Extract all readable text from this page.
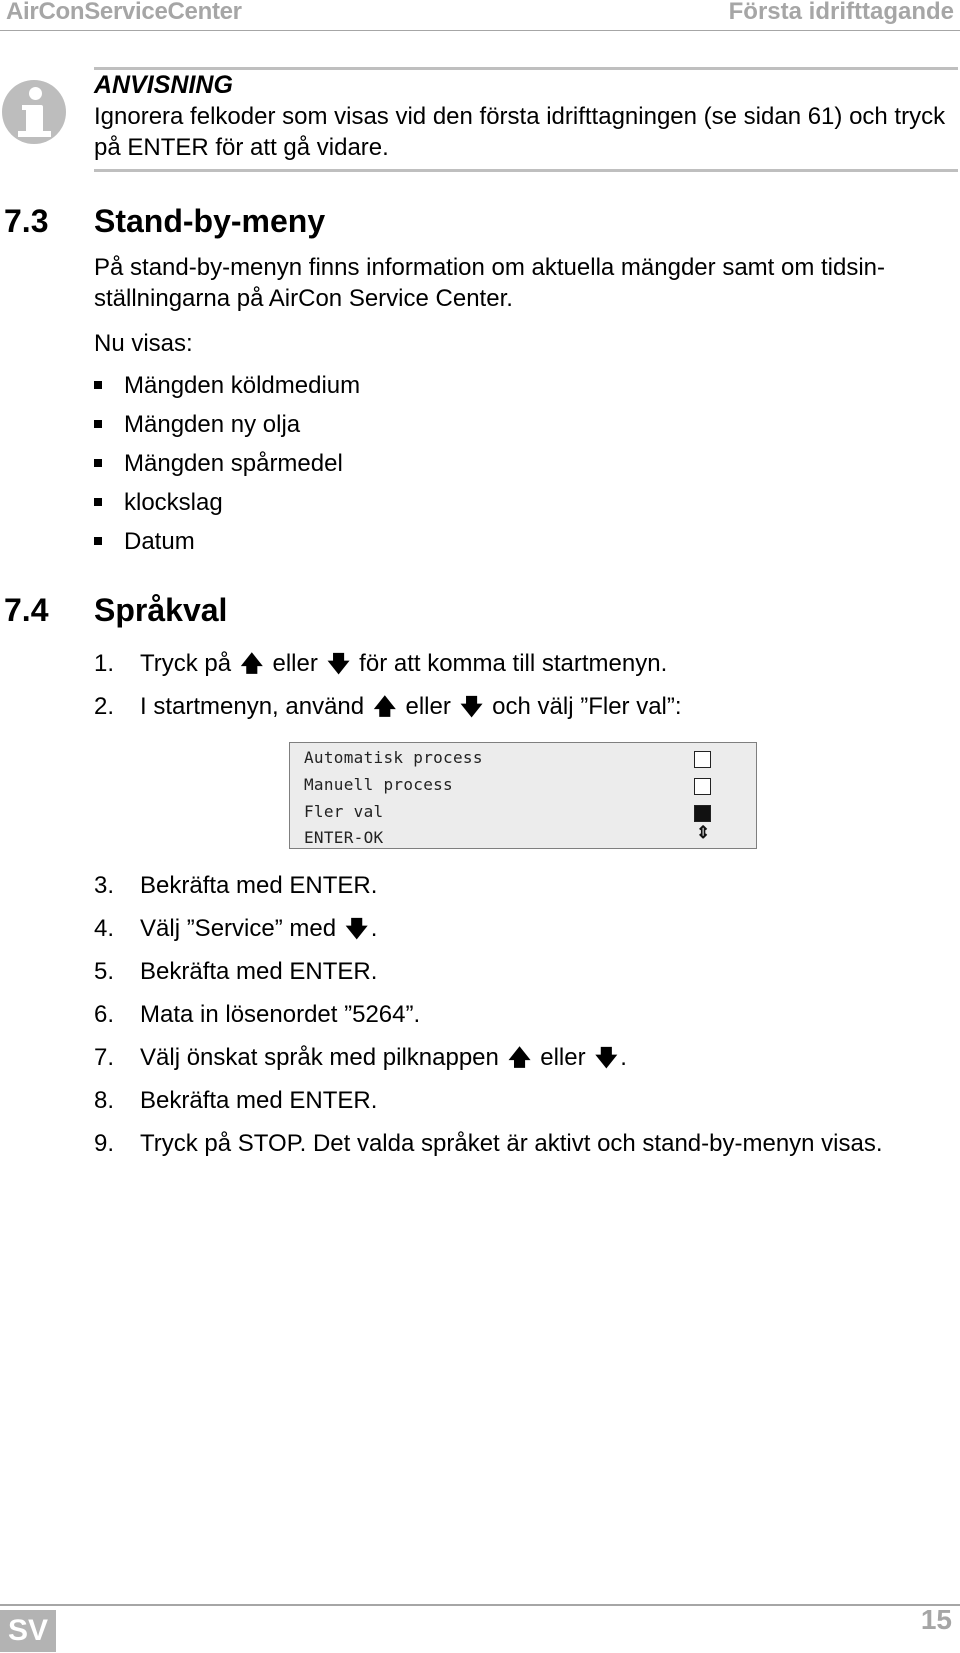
AirConServiceCenter	Första idrifttagande
ANVISNING
Ignorera felkoder som visas vid den första idrifttagningen (se sidan 61) och tryck på ENTER för att gå vidare.
7.3 Stand-by-meny
På stand-by-menyn finns information om aktuella mängder samt om tidsin-ställningarna på AirCon Service Center.
Nu visas:
Mängden köldmedium
Mängden ny olja
Mängden spårmedel
klockslag
Datum
7.4 Språkval
1. Tryck på 🡅 eller 🡇 för att komma till startmenyn.
2. I startmenyn, använd 🡅 eller 🡇 och välj ”Fler val”:
Automatisk process
Manuell process
Fler val
ENTER-OK	⇕
3. Bekräfta med ENTER.
4. Välj ”Service” med 🡇 .
5. Bekräfta med ENTER.
6. Mata in lösenordet ”5264”.
7. Välj önskat språk med pilknappen 🡅 eller 🡇 .
8. Bekräfta med ENTER.
9. Tryck på STOP. Det valda språket är aktivt och stand-by-menyn visas.
SV	15
